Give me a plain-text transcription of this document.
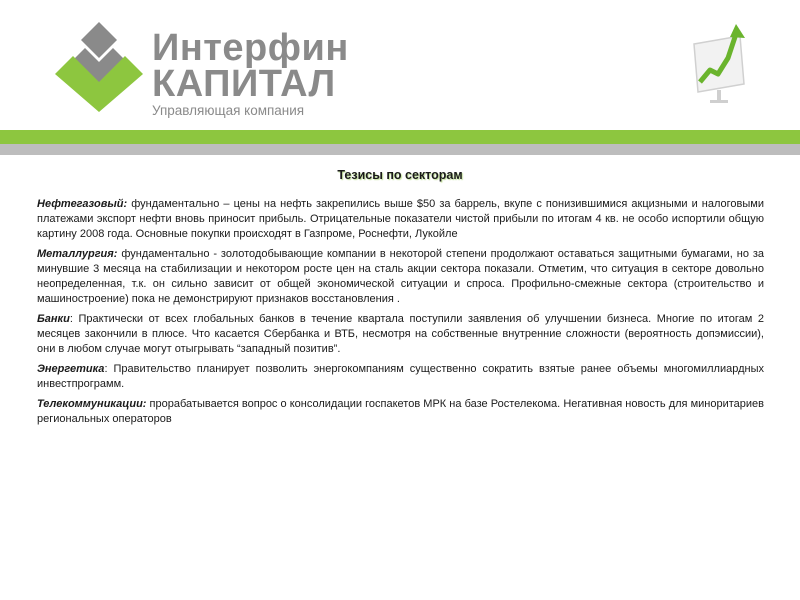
Интерфин
КАПИТАЛ
Управляющая компания
Тезисы по секторам

Нефтегазовый: фундаментально – цены на нефть закрепились выше $50 за баррель, вкупе с понизившимися акцизными и налоговыми платежами экспорт нефти вновь приносит прибыль. Отрицательные показатели чистой прибыли по итогам 4 кв. не особо испортили общую картину 2008 года. Основные покупки происходят в Газпроме, Роснефти, Лукойле

Металлургия: фундаментально - золотодобывающие компании в некоторой степени продолжают оставаться защитными бумагами, но за минувшие 3 месяца на стабилизации и некотором росте цен на сталь акции сектора показали. Отметим, что ситуация в секторе довольно неопределенная, т.к. он сильно зависит от общей экономической ситуации и спроса. Профильно-смежные сектора (строительство и машиностроение) пока не демонстрируют признаков восстановления .

Банки: Практически от всех глобальных банков в течение квартала поступили заявления об улучшении бизнеса. Многие по итогам 2 месяцев закончили в плюсе. Что касается Сбербанка и ВТБ, несмотря на собственные внутренние сложности (вероятность допэмиссии), они в любом случае могут отыгрывать “западный позитив”.

Энергетика: Правительство планирует позволить энергокомпаниям существенно сократить взятые ранее объемы многомиллиардных инвестпрограмм.

Телекоммуникации: прорабатывается вопрос о консолидации госпакетов МРК на базе Ростелекома. Негативная новость для миноритариев региональных операторов
